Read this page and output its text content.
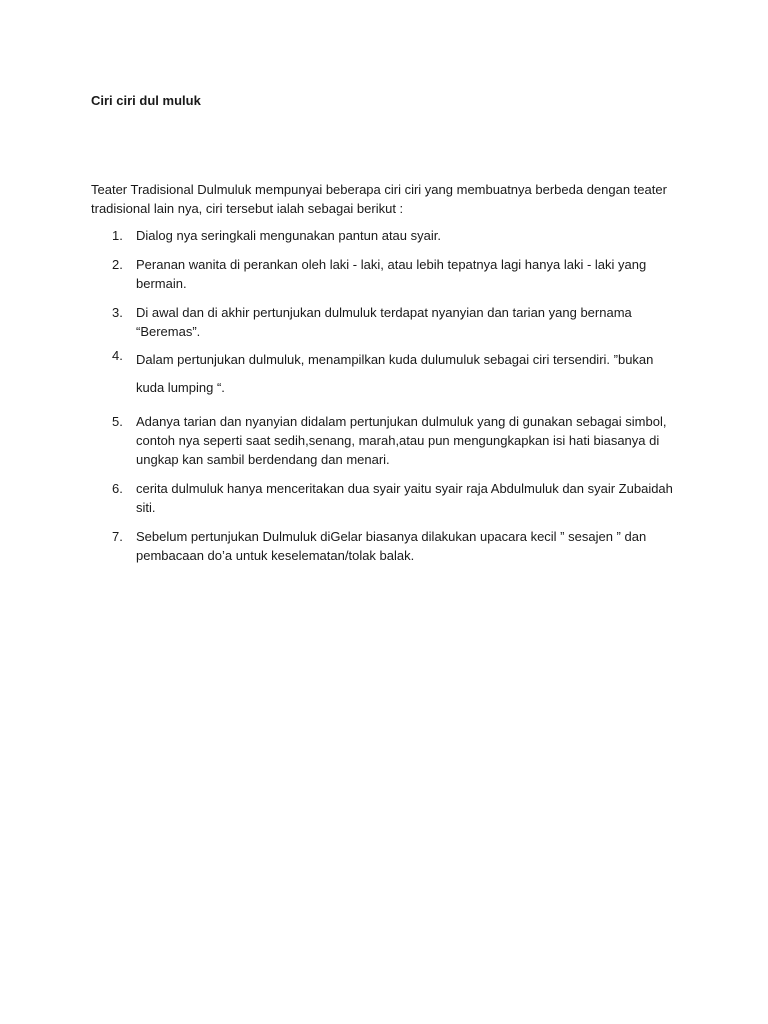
Ciri ciri dul muluk

Teater Tradisional Dulmuluk mempunyai beberapa ciri ciri yang membuatnya berbeda dengan teater tradisional lain nya, ciri tersebut ialah sebagai berikut :

1. Dialog nya seringkali mengunakan pantun atau syair.
2. Peranan wanita di perankan oleh laki - laki, atau lebih tepatnya lagi hanya laki - laki yang bermain.
3. Di awal dan di akhir pertunjukan dulmuluk terdapat nyanyian dan tarian yang bernama “Beremas”.
4. Dalam pertunjukan dulmuluk, menampilkan kuda dulumuluk sebagai ciri tersendiri. ”bukan kuda lumping “.
5. Adanya tarian dan nyanyian didalam pertunjukan dulmuluk yang di gunakan sebagai simbol, contoh nya seperti saat sedih,senang, marah,atau pun mengungkapkan isi hati biasanya di ungkap kan sambil berdendang dan menari.
6. cerita dulmuluk hanya menceritakan dua syair yaitu syair raja Abdulmuluk dan syair Zubaidah siti.
7. Sebelum pertunjukan Dulmuluk diGelar biasanya dilakukan upacara kecil ” sesajen ” dan pembacaan do’a untuk keselematan/tolak balak.
